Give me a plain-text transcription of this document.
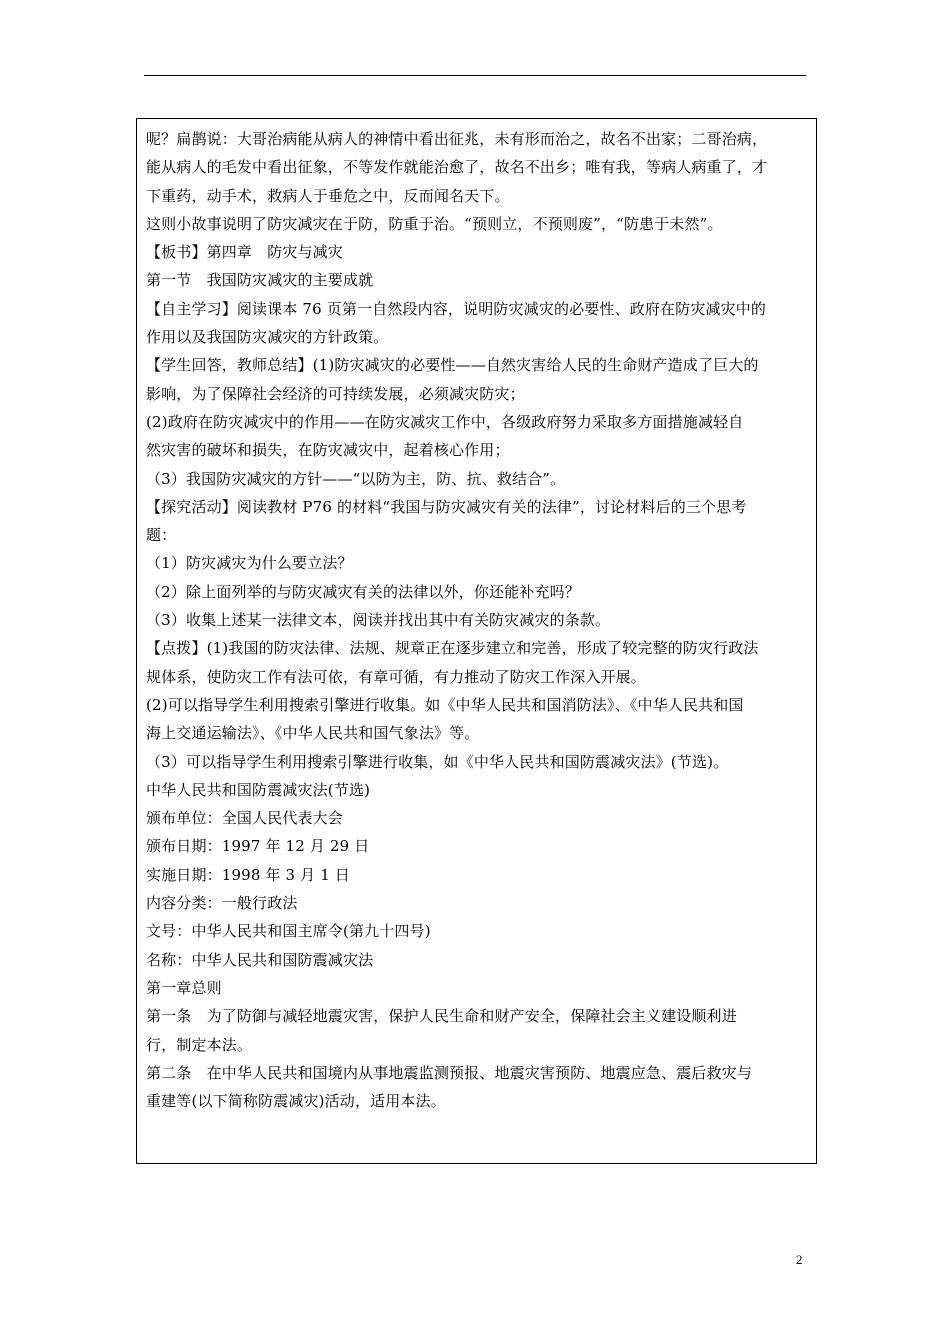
呢？扁鹊说：大哥治病能从病人的神情中看出征兆，未有形而治之，故名不出家；二哥治病，
能从病人的毛发中看出征象，不等发作就能治愈了，故名不出乡；唯有我，等病人病重了，才
下重药，动手术，救病人于垂危之中，反而闻名天下。
这则小故事说明了防灾减灾在于防，防重于治。“预则立，不预则废”，“防患于未然”。
【板书】第四章　防灾与减灾
第一节　我国防灾减灾的主要成就
【自主学习】阅读课本 76 页第一自然段内容，说明防灾减灾的必要性、政府在防灾减灾中的
作用以及我国防灾减灾的方针政策。
【学生回答，教师总结】(1)防灾减灾的必要性——自然灾害给人民的生命财产造成了巨大的
影响，为了保障社会经济的可持续发展，必须减灾防灾；
(2)政府在防灾减灾中的作用——在防灾减灾工作中，各级政府努力采取多方面措施减轻自
然灾害的破坏和损失，在防灾减灾中，起着核心作用；
（3）我国防灾减灾的方针——“以防为主，防、抗、救结合”。
【探究活动】阅读教材 P76 的材料“我国与防灾减灾有关的法律”，讨论材料后的三个思考
题：
（1）防灾减灾为什么要立法？
（2）除上面列举的与防灾减灾有关的法律以外，你还能补充吗？
（3）收集上述某一法律文本，阅读并找出其中有关防灾减灾的条款。
【点拨】(1)我国的防灾法律、法规、规章正在逐步建立和完善，形成了较完整的防灾行政法
规体系，使防灾工作有法可依，有章可循，有力推动了防灾工作深入开展。
(2)可以指导学生利用搜索引擎进行收集。如《中华人民共和国消防法》、《中华人民共和国
海上交通运输法》、《中华人民共和国气象法》等。
（3）可以指导学生利用搜索引擎进行收集，如《中华人民共和国防震减灾法》(节选)。
中华人民共和国防震减灾法(节选)
颁布单位：全国人民代表大会
颁布日期：1997 年 12 月 29 日
实施日期：1998 年 3 月 1 日
内容分类：一般行政法
文号：中华人民共和国主席令(第九十四号)
名称：中华人民共和国防震减灾法
第一章总则
第一条　为了防御与减轻地震灾害，保护人民生命和财产安全，保障社会主义建设顺利进
行，制定本法。
第二条　在中华人民共和国境内从事地震监测预报、地震灾害预防、地震应急、震后救灾与
重建等(以下简称防震减灾)活动，适用本法。
2
